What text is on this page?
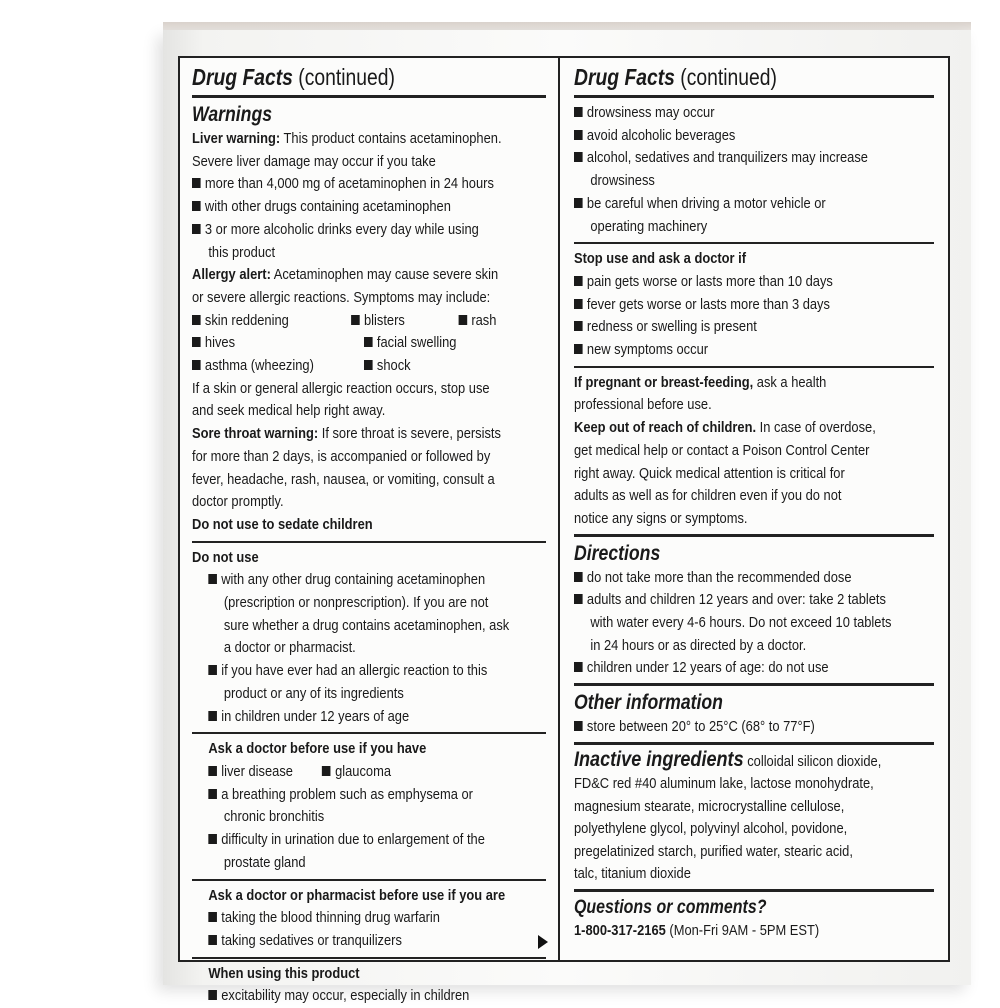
Drug Facts (continued)
Warnings
Liver warning: This product contains acetaminophen.
Severe liver damage may occur if you take
more than 4,000 mg of acetaminophen in 24 hours
with other drugs containing acetaminophen
3 or more alcoholic drinks every day while using
this product
Allergy alert: Acetaminophen may cause severe skin
or severe allergic reactions. Symptoms may include:
skin reddening	blisters	rash
hives	facial swelling
asthma (wheezing)	shock
If a skin or general allergic reaction occurs, stop use
and seek medical help right away.
Sore throat warning: If sore throat is severe, persists
for more than 2 days, is accompanied or followed by
fever, headache, rash, nausea, or vomiting, consult a
doctor promptly.
Do not use to sedate children
Do not use
with any other drug containing acetaminophen
(prescription or nonprescription). If you are not
sure whether a drug contains acetaminophen, ask
a doctor or pharmacist.
if you have ever had an allergic reaction to this
product or any of its ingredients
in children under 12 years of age
Ask a doctor before use if you have
liver disease	glaucoma
a breathing problem such as emphysema or
chronic bronchitis
difficulty in urination due to enlargement of the
prostate gland
Ask a doctor or pharmacist before use if you are
taking the blood thinning drug warfarin
taking sedatives or tranquilizers
When using this product
excitability may occur, especially in children
Drug Facts (continued)
drowsiness may occur
avoid alcoholic beverages
alcohol, sedatives and tranquilizers may increase
drowsiness
be careful when driving a motor vehicle or
operating machinery
Stop use and ask a doctor if
pain gets worse or lasts more than 10 days
fever gets worse or lasts more than 3 days
redness or swelling is present
new symptoms occur
If pregnant or breast-feeding, ask a health
professional before use.
Keep out of reach of children. In case of overdose,
get medical help or contact a Poison Control Center
right away. Quick medical attention is critical for
adults as well as for children even if you do not
notice any signs or symptoms.
Directions
do not take more than the recommended dose
adults and children 12 years and over: take 2 tablets
with water every 4-6 hours. Do not exceed 10 tablets
in 24 hours or as directed by a doctor.
children under 12 years of age: do not use
Other information
store between 20° to 25°C (68° to 77°F)
Inactive ingredients colloidal silicon dioxide,
FD&C red #40 aluminum lake, lactose monohydrate,
magnesium stearate, microcrystalline cellulose,
polyethylene glycol, polyvinyl alcohol, povidone,
pregelatinized starch, purified water, stearic acid,
talc, titanium dioxide
Questions or comments?
1-800-317-2165 (Mon-Fri 9AM - 5PM EST)
